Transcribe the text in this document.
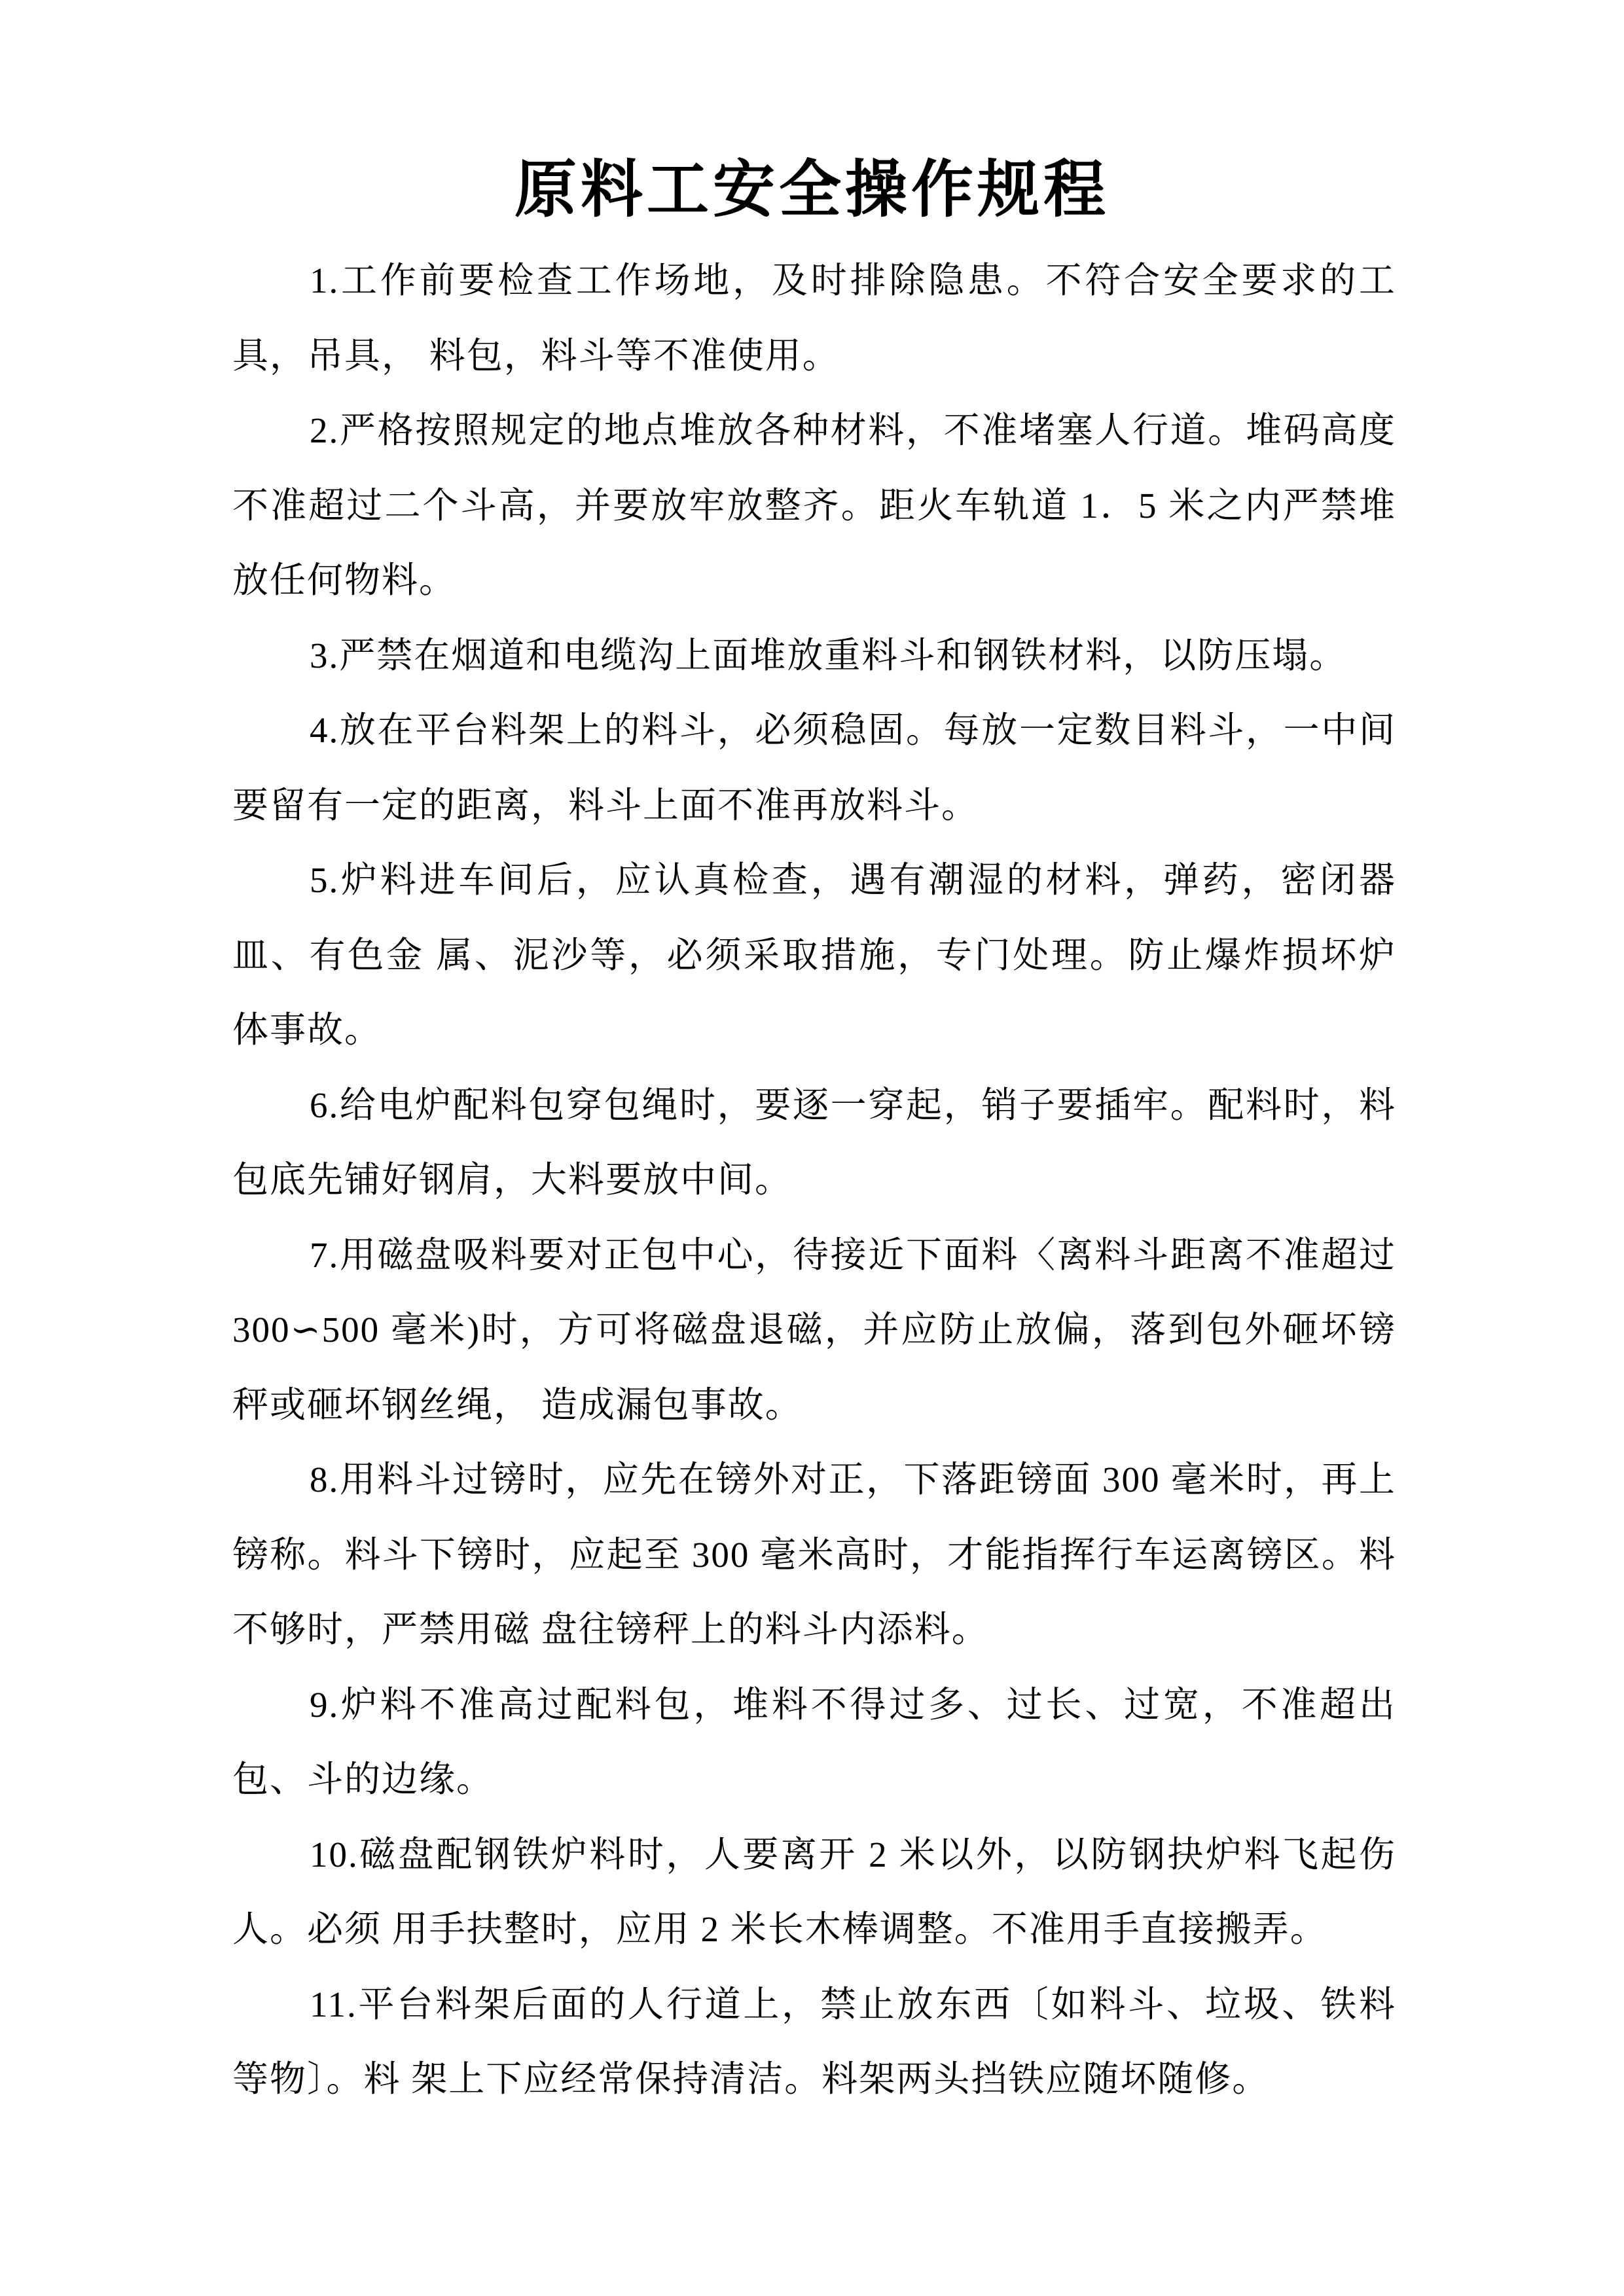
原料工安全操作规程

1.工作前要检查工作场地，及时排除隐患。不符合安全要求的工具，吊具， 料包，料斗等不准使用。

2.严格按照规定的地点堆放各种材料，不准堵塞人行道。堆码高度不准超过二个斗高，并要放牢放整齐。距火车轨道 1．5 米之内严禁堆放任何物料。

3.严禁在烟道和电缆沟上面堆放重料斗和钢铁材料，以防压塌。

4.放在平台料架上的料斗，必须稳固。每放一定数目料斗，一中间要留有一定的距离，料斗上面不准再放料斗。

5.炉料进车间后，应认真检查，遇有潮湿的材料，弹药，密闭器皿、有色金 属、泥沙等，必须采取措施，专门处理。防止爆炸损坏炉体事故。

6.给电炉配料包穿包绳时，要逐一穿起，销子要插牢。配料时，料包底先铺好钢肩，大料要放中间。

7.用磁盘吸料要对正包中心，待接近下面料〈离料斗距离不准超过 300∽500 毫米)时，方可将磁盘退磁，并应防止放偏，落到包外砸坏镑秤或砸坏钢丝绳， 造成漏包事故。

8.用料斗过镑时，应先在镑外对正，下落距镑面 300 毫米时，再上镑称。料斗下镑时，应起至 300 毫米高时，才能指挥行车运离镑区。料不够时，严禁用磁 盘往镑秤上的料斗内添料。

9.炉料不准高过配料包，堆料不得过多、过长、过宽，不准超出包、斗的边缘。

10.磁盘配钢铁炉料时，人要离开 2 米以外，以防钢抉炉料飞起伤人。必须 用手扶整时，应用 2 米长木棒调整。不准用手直接搬弄。

11.平台料架后面的人行道上，禁止放东西〔如料斗、垃圾、铁料等物〕。料 架上下应经常保持清洁。料架两头挡铁应随坏随修。
